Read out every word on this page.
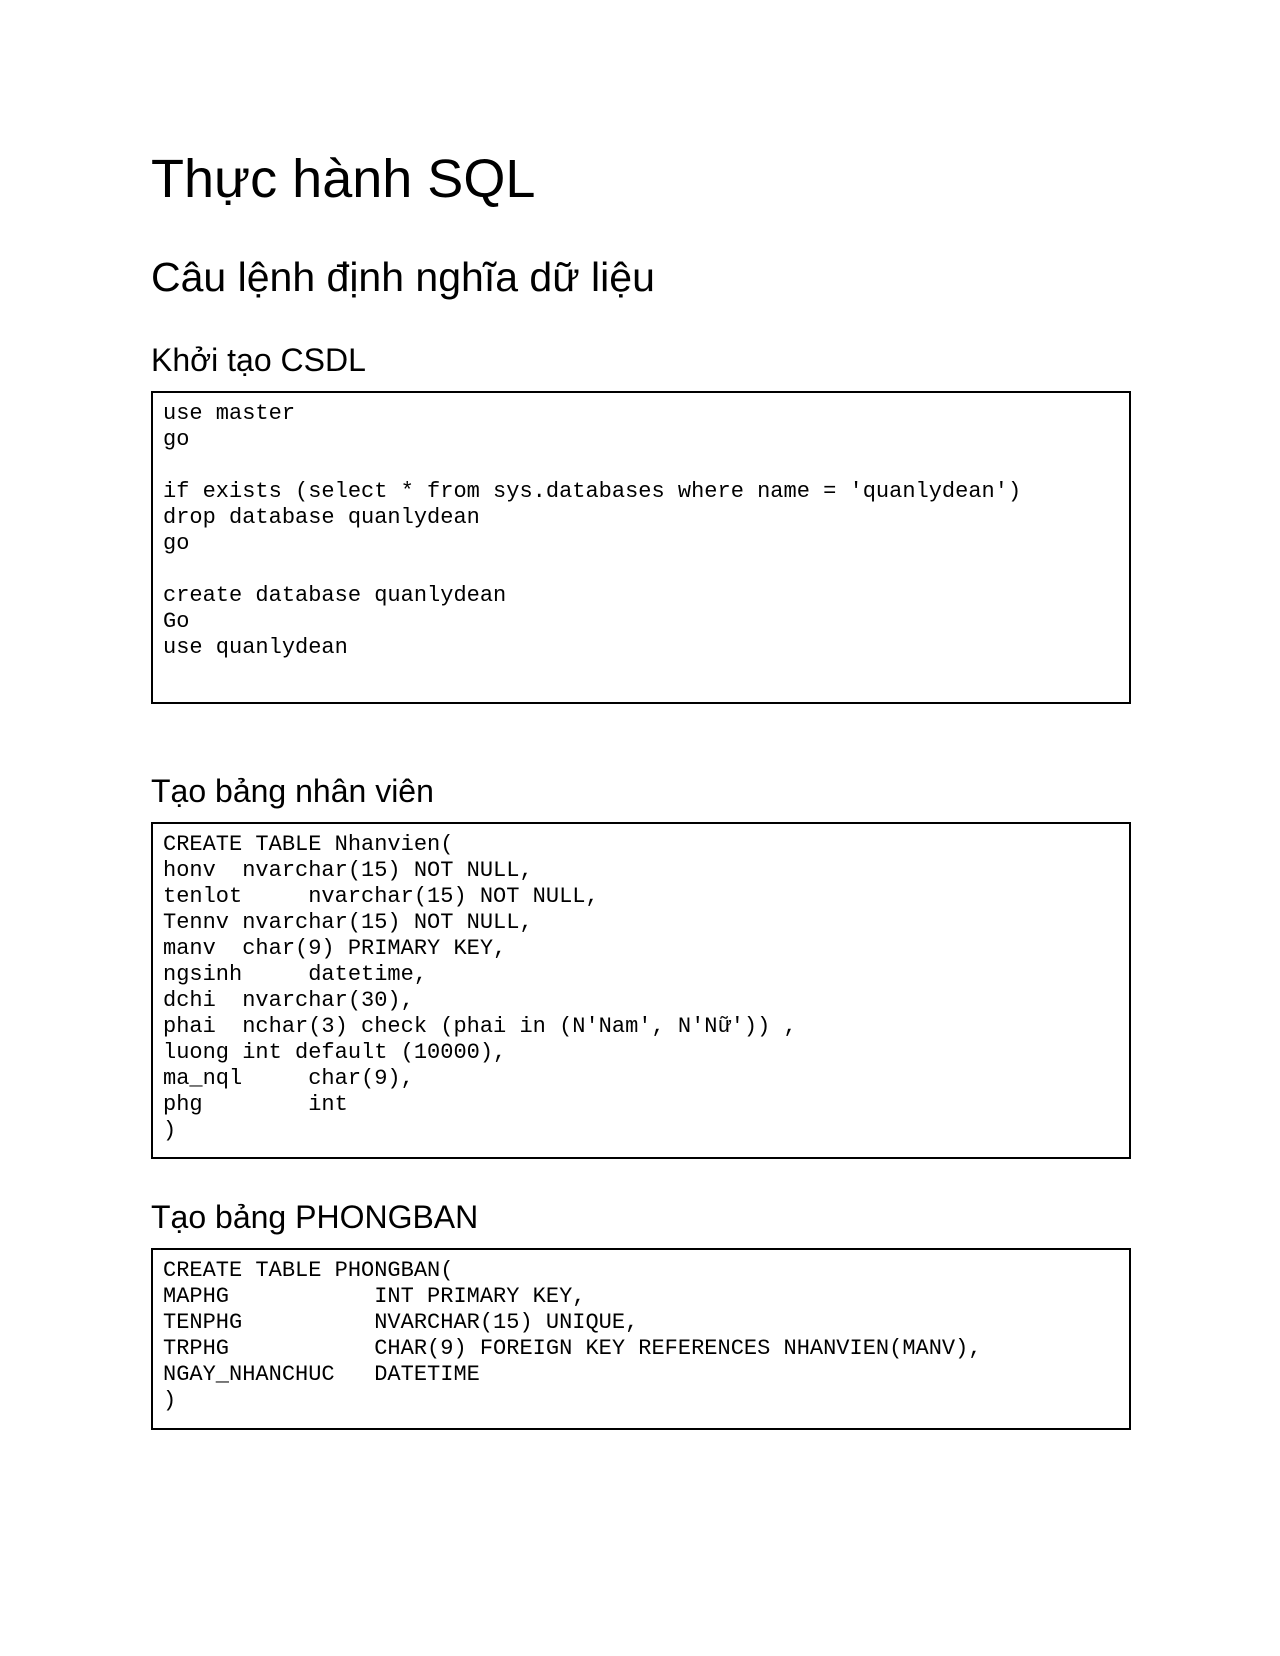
Thực hành SQL
Câu lệnh định nghĩa dữ liệu
Khởi tạo CSDL
use master
go

if exists (select * from sys.databases where name = 'quanlydean')
drop database quanlydean
go

create database quanlydean
Go
use quanlydean
Tạo bảng nhân viên
CREATE TABLE Nhanvien(
honv  nvarchar(15) NOT NULL,
tenlot     nvarchar(15) NOT NULL,
Tennv nvarchar(15) NOT NULL,
manv  char(9) PRIMARY KEY,
ngsinh     datetime,
dchi  nvarchar(30),
phai  nchar(3) check (phai in (N'Nam', N'Nữ')) ,
luong int default (10000),
ma_nql     char(9),
phg        int
)
Tạo bảng PHONGBAN
CREATE TABLE PHONGBAN(
MAPHG           INT PRIMARY KEY,
TENPHG          NVARCHAR(15) UNIQUE,
TRPHG           CHAR(9) FOREIGN KEY REFERENCES NHANVIEN(MANV),
NGAY_NHANCHUC   DATETIME
)
